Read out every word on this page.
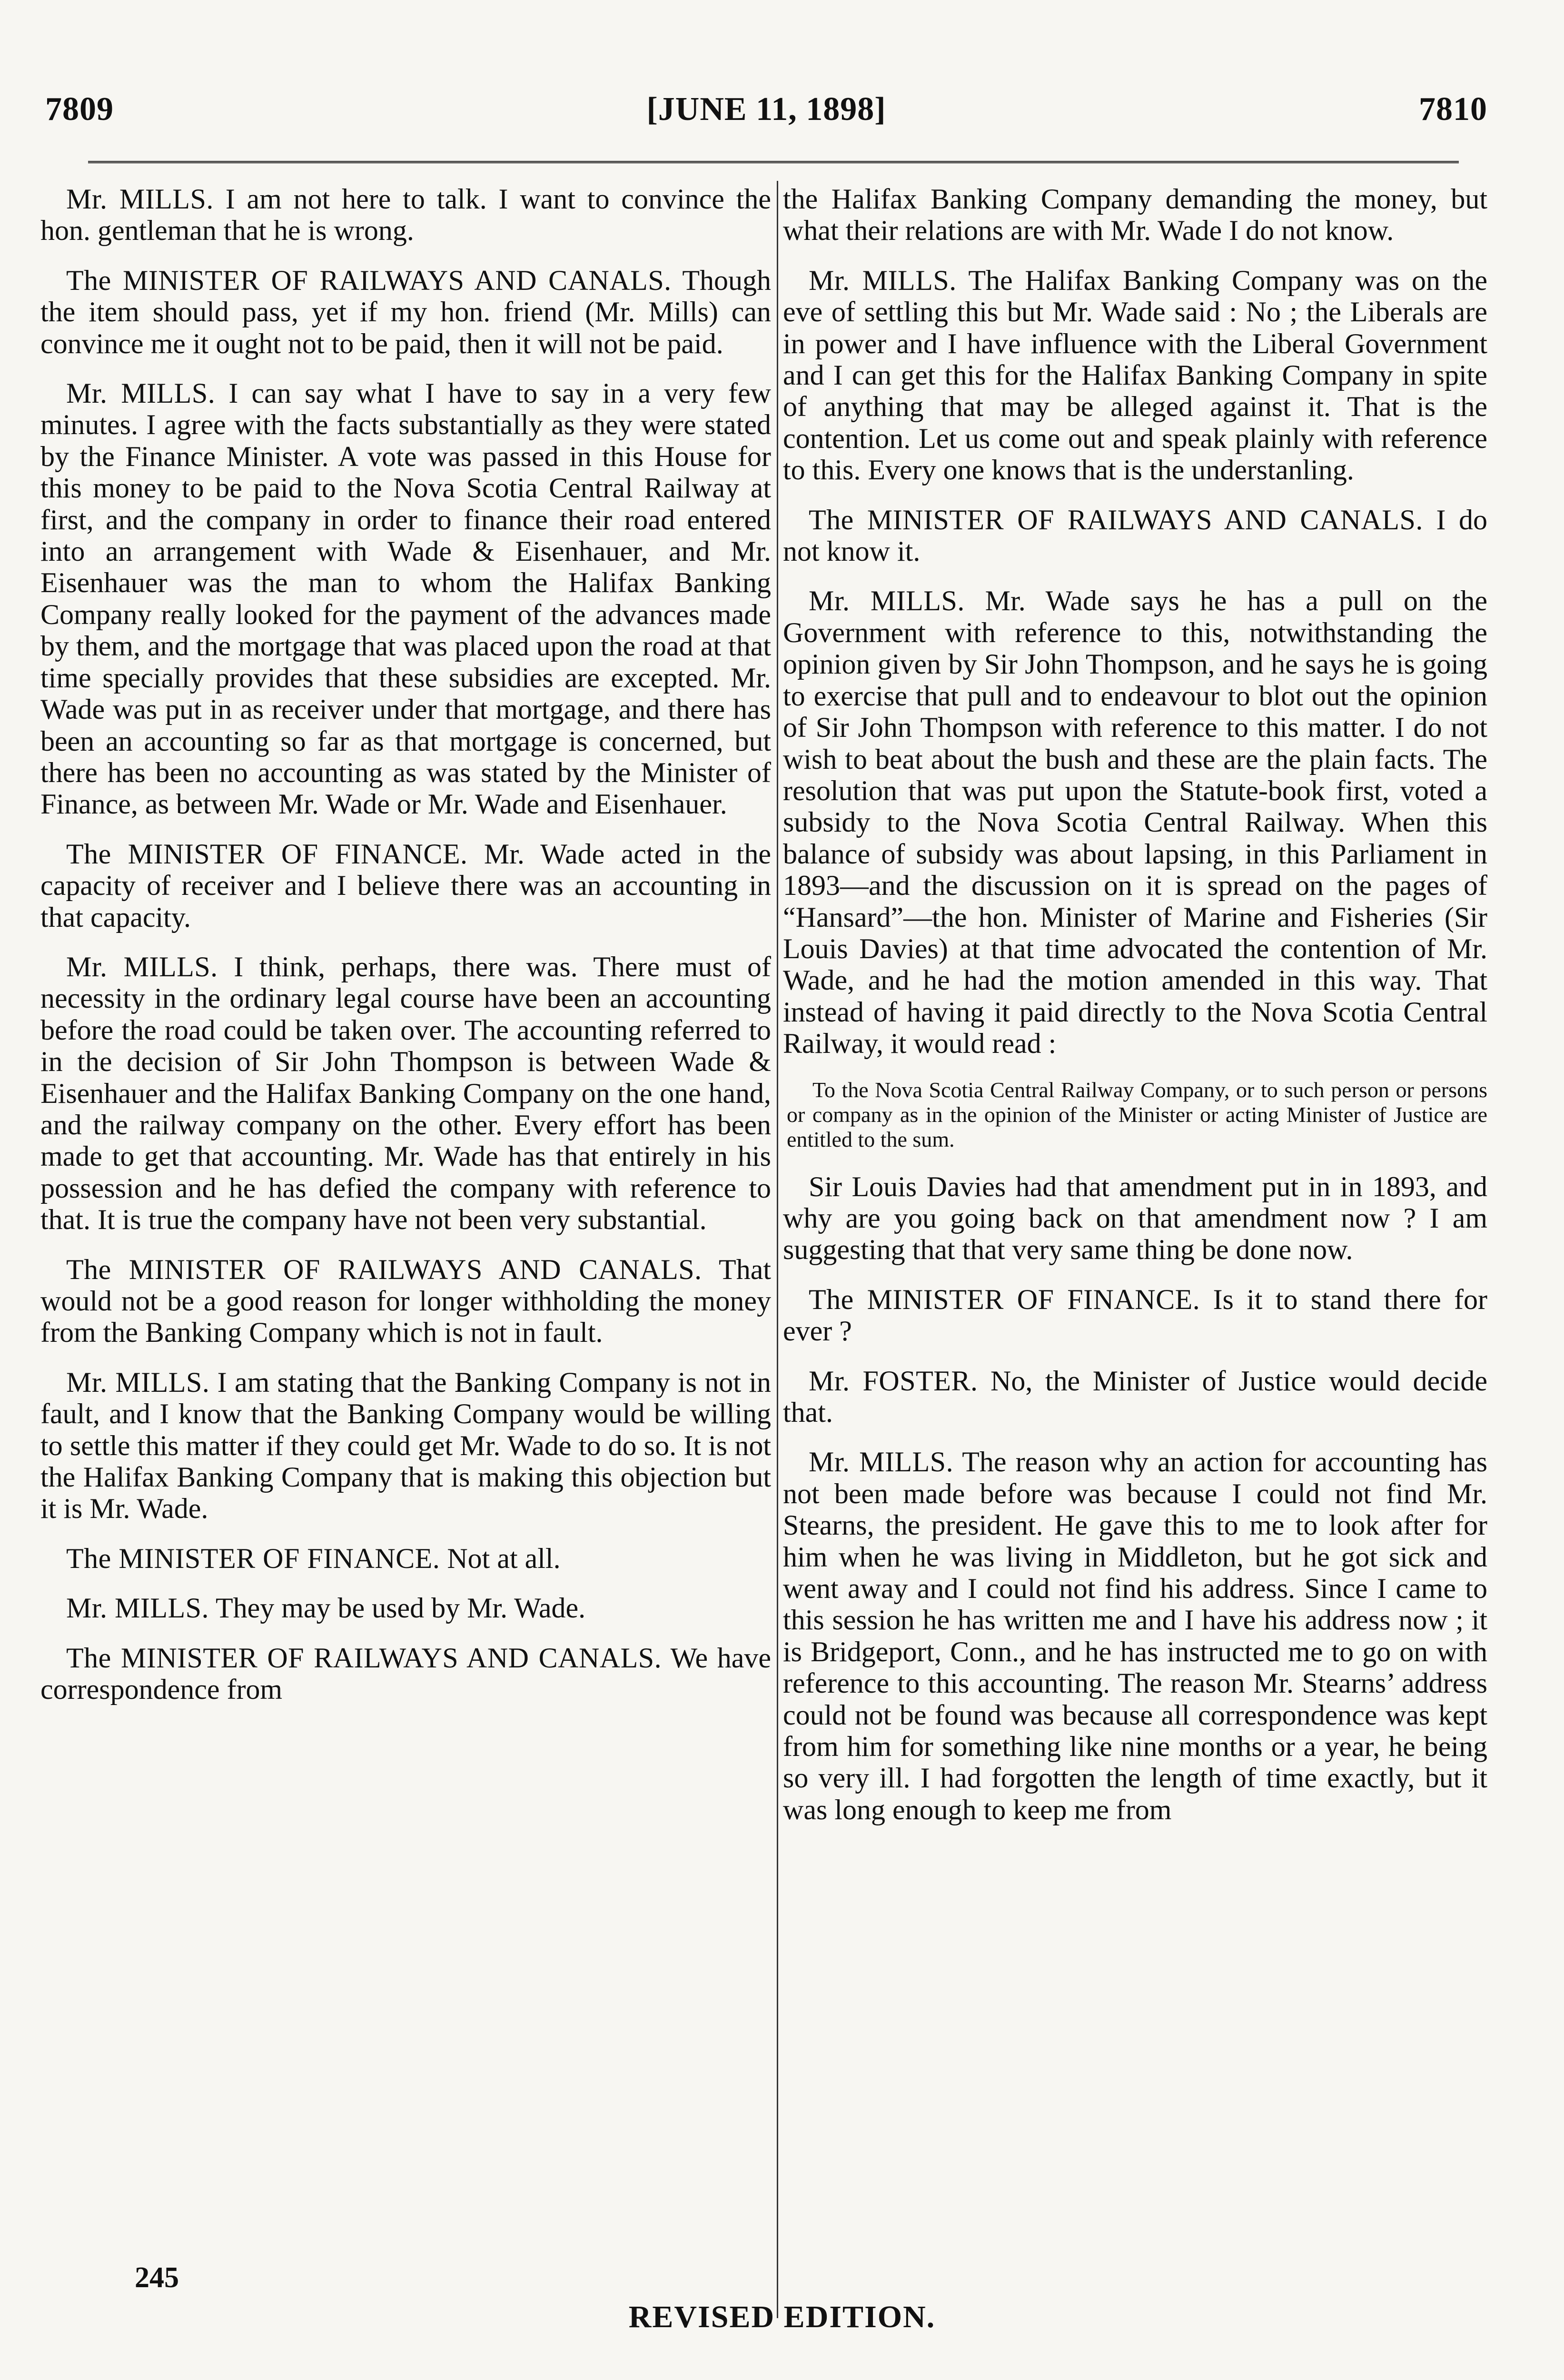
7809	[JUNE 11, 1898]	7810

Mr. MILLS. I am not here to talk. I want to convince the hon. gentleman that he is wrong.

The MINISTER OF RAILWAYS AND CANALS. Though the item should pass, yet if my hon. friend (Mr. Mills) can convince me it ought not to be paid, then it will not be paid.

Mr. MILLS. I can say what I have to say in a very few minutes. I agree with the facts substantially as they were stated by the Finance Minister. A vote was passed in this House for this money to be paid to the Nova Scotia Central Railway at first, and the company in order to finance their road entered into an arrangement with Wade & Eisenhauer, and Mr. Eisenhauer was the man to whom the Halifax Banking Company really looked for the payment of the advances made by them, and the mortgage that was placed upon the road at that time specially provides that these subsidies are excepted. Mr. Wade was put in as receiver under that mortgage, and there has been an accounting so far as that mortgage is concerned, but there has been no accounting as was stated by the Minister of Finance, as between Mr. Wade or Mr. Wade and Eisenhauer.

The MINISTER OF FINANCE. Mr. Wade acted in the capacity of receiver and I believe there was an accounting in that capacity.

Mr. MILLS. I think, perhaps, there was. There must of necessity in the ordinary legal course have been an accounting before the road could be taken over. The accounting referred to in the decision of Sir John Thompson is between Wade & Eisenhauer and the Halifax Banking Company on the one hand, and the railway company on the other. Every effort has been made to get that accounting. Mr. Wade has that entirely in his possession and he has defied the company with reference to that. It is true the company have not been very substantial.

The MINISTER OF RAILWAYS AND CANALS. That would not be a good reason for longer withholding the money from the Banking Company which is not in fault.

Mr. MILLS. I am stating that the Banking Company is not in fault, and I know that the Banking Company would be willing to settle this matter if they could get Mr. Wade to do so. It is not the Halifax Banking Company that is making this objection but it is Mr. Wade.

The MINISTER OF FINANCE. Not at all.

Mr. MILLS. They may be used by Mr. Wade.

The MINISTER OF RAILWAYS AND CANALS. We have correspondence from

the Halifax Banking Company demanding the money, but what their relations are with Mr. Wade I do not know.

Mr. MILLS. The Halifax Banking Company was on the eve of settling this but Mr. Wade said : No ; the Liberals are in power and I have influence with the Liberal Government and I can get this for the Halifax Banking Company in spite of anything that may be alleged against it. That is the contention. Let us come out and speak plainly with reference to this. Every one knows that is the understanling.

The MINISTER OF RAILWAYS AND CANALS. I do not know it.

Mr. MILLS. Mr. Wade says he has a pull on the Government with reference to this, notwithstanding the opinion given by Sir John Thompson, and he says he is going to exercise that pull and to endeavour to blot out the opinion of Sir John Thompson with reference to this matter. I do not wish to beat about the bush and these are the plain facts. The resolution that was put upon the Statute-book first, voted a subsidy to the Nova Scotia Central Railway. When this balance of subsidy was about lapsing, in this Parliament in 1893—and the discussion on it is spread on the pages of “Hansard”—the hon. Minister of Marine and Fisheries (Sir Louis Davies) at that time advocated the contention of Mr. Wade, and he had the motion amended in this way. That instead of having it paid directly to the Nova Scotia Central Railway, it would read :

To the Nova Scotia Central Railway Company, or to such person or persons or company as in the opinion of the Minister or acting Minister of Justice are entitled to the sum.

Sir Louis Davies had that amendment put in in 1893, and why are you going back on that amendment now ? I am suggesting that that very same thing be done now.

The MINISTER OF FINANCE. Is it to stand there for ever ?

Mr. FOSTER. No, the Minister of Justice would decide that.

Mr. MILLS. The reason why an action for accounting has not been made before was because I could not find Mr. Stearns, the president. He gave this to me to look after for him when he was living in Middleton, but he got sick and went away and I could not find his address. Since I came to this session he has written me and I have his address now ; it is Bridgeport, Conn., and he has instructed me to go on with reference to this accounting. The reason Mr. Stearns’ address could not be found was because all correspondence was kept from him for something like nine months or a year, he being so very ill. I had forgotten the length of time exactly, but it was long enough to keep me from

245
REVISED EDITION.
